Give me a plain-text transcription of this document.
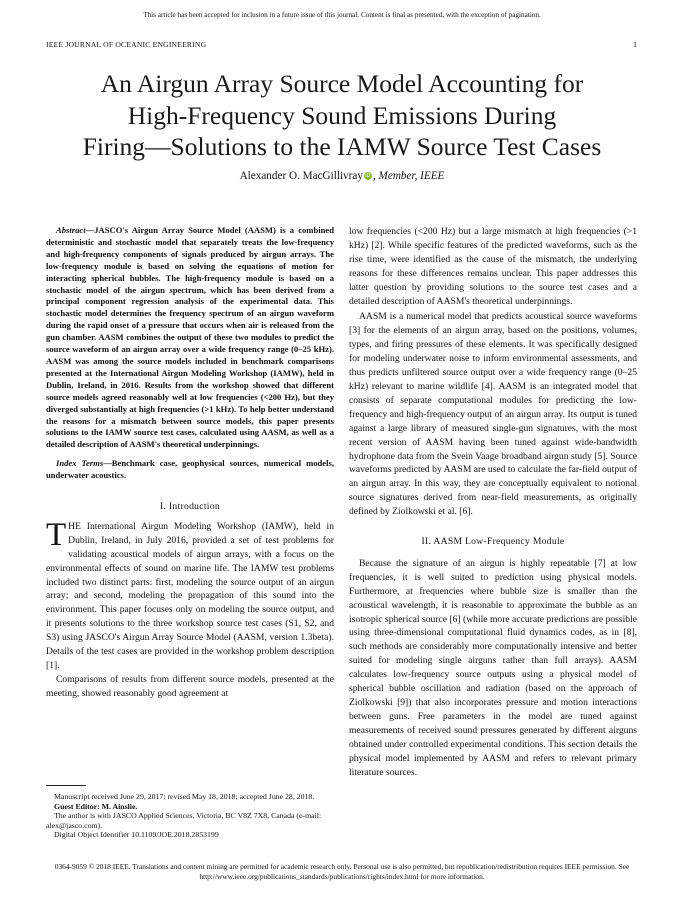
This article has been accepted for inclusion in a future issue of this journal. Content is final as presented, with the exception of pagination.
IEEE JOURNAL OF OCEANIC ENGINEERING	1
An Airgun Array Source Model Accounting for
High-Frequency Sound Emissions During
Firing—Solutions to the IAMW Source Test Cases
Alexander O. MacGillivray iD , Member, IEEE

Abstract—JASCO's Airgun Array Source Model (AASM) is a combined deterministic and stochastic model that separately treats the low-frequency and high-frequency components of signals produced by airgun arrays. The low-frequency module is based on solving the equations of motion for interacting spherical bubbles. The high-frequency module is based on a stochastic model of the airgun spectrum, which has been derived from a principal component regression analysis of the experimental data. This stochastic model determines the frequency spectrum of an airgun waveform during the rapid onset of a pressure that occurs when air is released from the gun chamber. AASM combines the output of these two modules to predict the source waveform of an airgun array over a wide frequency range (0–25 kHz). AASM was among the source models included in benchmark comparisons presented at the International Airgun Modeling Workshop (IAMW), held in Dublin, Ireland, in 2016. Results from the workshop showed that different source models agreed reasonably well at low frequencies (<200 Hz), but they diverged substantially at high frequencies (>1 kHz). To help better understand the reasons for a mismatch between source models, this paper presents solutions to the IAMW source test cases, calculated using AASM, as well as a detailed description of AASM's theoretical underpinnings.

Index Terms—Benchmark case, geophysical sources, numerical models, underwater acoustics.

I. Introduction

THE International Airgun Modeling Workshop (IAMW), held in Dublin, Ireland, in July 2016, provided a set of test problems for validating acoustical models of airgun arrays, with a focus on the environmental effects of sound on marine life. The IAMW test problems included two distinct parts: first, modeling the source output of an airgun array; and second, modeling the propagation of this sound into the environment. This paper focuses only on modeling the source output, and it presents solutions to the three workshop source test cases (S1, S2, and S3) using JASCO's Airgun Array Source Model (AASM, version 1.3beta). Details of the test cases are provided in the workshop problem description [1].

Comparisons of results from different source models, presented at the meeting, showed reasonably good agreement at

Manuscript received June 29, 2017; revised May 18, 2018; accepted June 28, 2018.
Guest Editor: M. Ainslie.
The author is with JASCO Applied Sciences, Victoria, BC V8Z 7X8, Canada (e-mail: alex@jasco.com).
Digital Object Identifier 10.1109/JOE.2018.2853199

low frequencies (<200 Hz) but a large mismatch at high frequencies (>1 kHz) [2]. While specific features of the predicted waveforms, such as the rise time, were identified as the cause of the mismatch, the underlying reasons for these differences remains unclear. This paper addresses this latter question by providing solutions to the source test cases and a detailed description of AASM's theoretical underpinnings.

AASM is a numerical model that predicts acoustical source waveforms [3] for the elements of an airgun array, based on the positions, volumes, types, and firing pressures of these elements. It was specifically designed for modeling underwater noise to inform environmental assessments, and thus predicts unfiltered source output over a wide frequency range (0–25 kHz) relevant to marine wildlife [4]. AASM is an integrated model that consists of separate computational modules for predicting the low-frequency and high-frequency output of an airgun array. Its output is tuned against a large library of measured single-gun signatures, with the most recent version of AASM having been tuned against wide-bandwidth hydrophone data from the Svein Vaage broadband airgun study [5]. Source waveforms predicted by AASM are used to calculate the far-field output of an airgun array. In this way, they are conceptually equivalent to notional source signatures derived from near-field measurements, as originally defined by Ziolkowski et al. [6].

II. AASM Low-Frequency Module

Because the signature of an airgun is highly repeatable [7] at low frequencies, it is well suited to prediction using physical models. Furthermore, at frequencies where bubble size is smaller than the acoustical wavelength, it is reasonable to approximate the bubble as an isotropic spherical source [6] (while more accurate predictions are possible using three-dimensional computational fluid dynamics codes, as in [8], such methods are considerably more computationally intensive and better suited for modeling single airguns rather than full arrays). AASM calculates low-frequency source outputs using a physical model of spherical bubble oscillation and radiation (based on the approach of Ziolkowski [9]) that also incorporates pressure and motion interactions between guns. Free parameters in the model are tuned against measurements of received sound pressures generated by different airguns obtained under controlled experimental conditions. This section details the physical model implemented by AASM and refers to relevant primary literature sources.

0364-9059 © 2018 IEEE. Translations and content mining are permitted for academic research only. Personal use is also permitted, but republication/redistribution requires IEEE permission. See http://www.ieee.org/publications_standards/publications/rights/index.html for more information.
